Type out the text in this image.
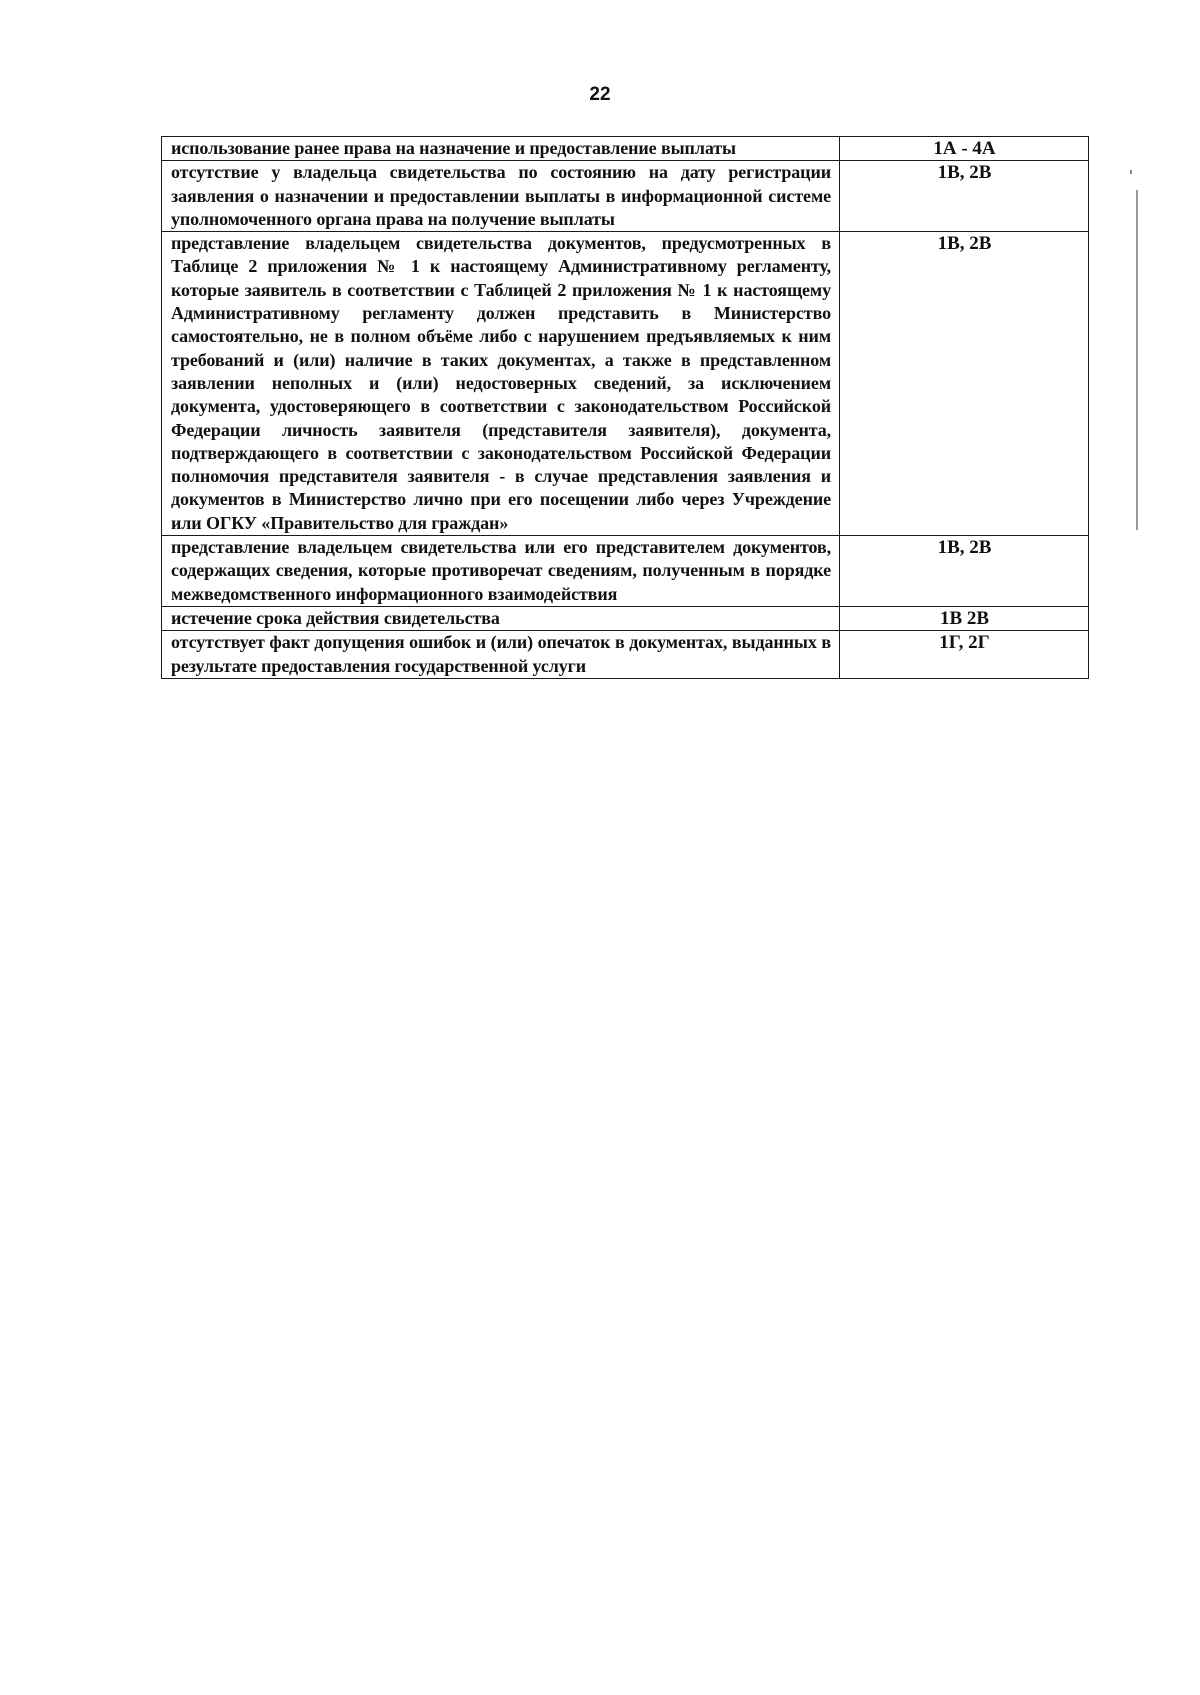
22
использование ранее права на назначение и предоставление выплаты	1А - 4А
отсутствие у владельца свидетельства по состоянию на дату регистрации заявления о назначении и предоставлении выплаты в информационной системе уполномоченного органа права на получение выплаты	1В, 2В
представление владельцем свидетельства документов, предусмотренных в Таблице 2 приложения № 1 к настоящему Административному регламенту, которые заявитель в соответствии с Таблицей 2 приложения № 1 к настоящему Административному регламенту должен представить в Министерство самостоятельно, не в полном объёме либо с нарушением предъявляемых к ним требований и (или) наличие в таких документах, а также в представленном заявлении неполных и (или) недостоверных сведений, за исключением документа, удостоверяющего в соответствии с законодательством Российской Федерации личность заявителя (представителя заявителя), документа, подтверждающего в соответствии с законодательством Российской Федерации полномочия представителя заявителя - в случае представления заявления и документов в Министерство лично при его посещении либо через Учреждение или ОГКУ «Правительство для граждан»	1В, 2В
представление владельцем свидетельства или его представителем документов, содержащих сведения, которые противоречат сведениям, полученным в порядке межведомственного информационного взаимодействия	1В, 2В
истечение срока действия свидетельства	1В 2В
отсутствует факт допущения ошибок и (или) опечаток в документах, выданных в результате предоставления государственной услуги	1Г, 2Г
